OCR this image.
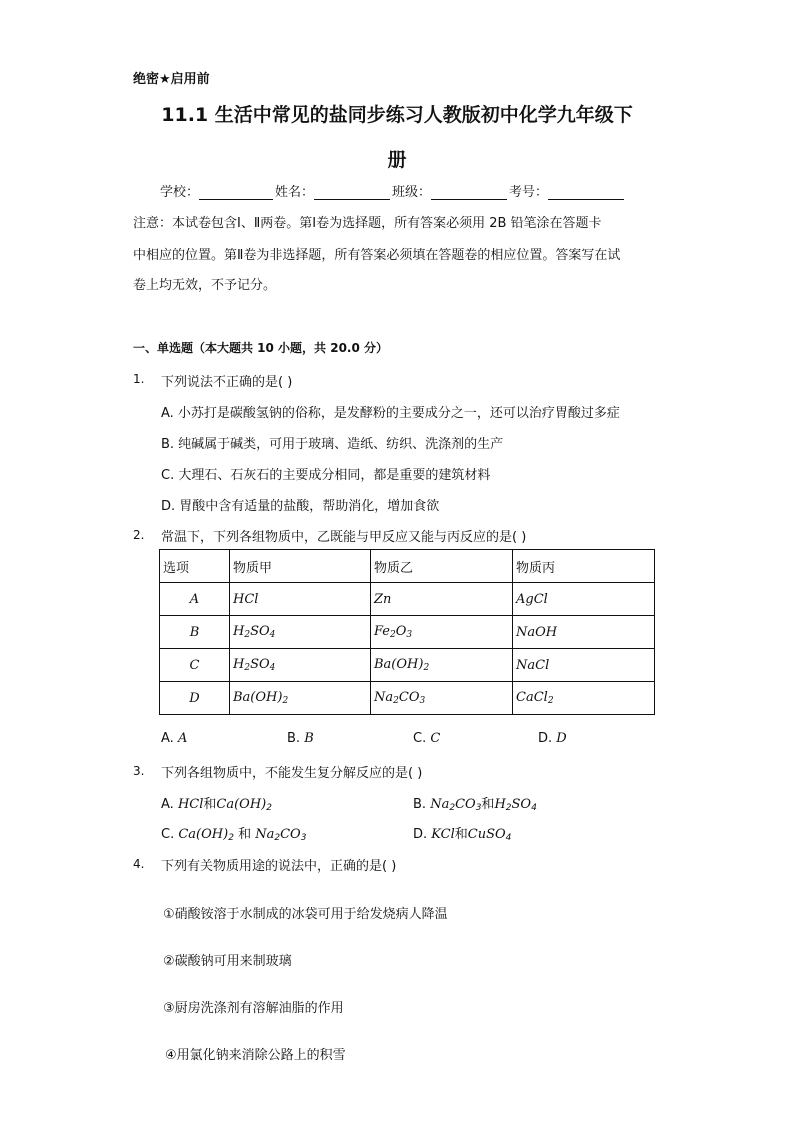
绝密★启用前
11.1 生活中常见的盐同步练习人教版初中化学九年级下
册
学校：	姓名：	班级：	考号：
注意：本试卷包含Ⅰ、Ⅱ两卷。第Ⅰ卷为选择题，所有答案必须用 2B 铅笔涂在答题卡
中相应的位置。第Ⅱ卷为非选择题，所有答案必须填在答题卷的相应位置。答案写在试
卷上均无效，不予记分。
一、单选题（本大题共 10 小题，共 20.0 分）
1. 下列说法不正确的是( )
A. 小苏打是碳酸氢钠的俗称，是发酵粉的主要成分之一，还可以治疗胃酸过多症
B. 纯碱属于碱类，可用于玻璃、造纸、纺织、洗涤剂的生产
C. 大理石、石灰石的主要成分相同，都是重要的建筑材料
D. 胃酸中含有适量的盐酸，帮助消化，增加食欲
2. 常温下，下列各组物质中，乙既能与甲反应又能与丙反应的是( )
选项	物质甲	物质乙	物质丙
A	HCl	Zn	AgCl
B	$H_2SO_4$	$Fe_2O_3$	NaOH
C	$H_2SO_4$	$Ba(OH)_2$	NaCl
D	$Ba(OH)_2$	$Na_2CO_3$	CaCl$_2$
A. A	B. B	C. C	D. D
3. 下列各组物质中，不能发生复分解反应的是( )
A. HCl和$Ca(OH)_2$	B. $Na_2CO_3$和$H_2SO_4$
C. $Ca(OH)_2$ 和 $Na_2CO_3$	D. KCl和CuSO$_4$
4. 下列有关物质用途的说法中，正确的是( )
①硝酸铵溶于水制成的冰袋可用于给发烧病人降温
②碳酸钠可用来制玻璃
③厨房洗涤剂有溶解油脂的作用
④用氯化钠来消除公路上的积雪
